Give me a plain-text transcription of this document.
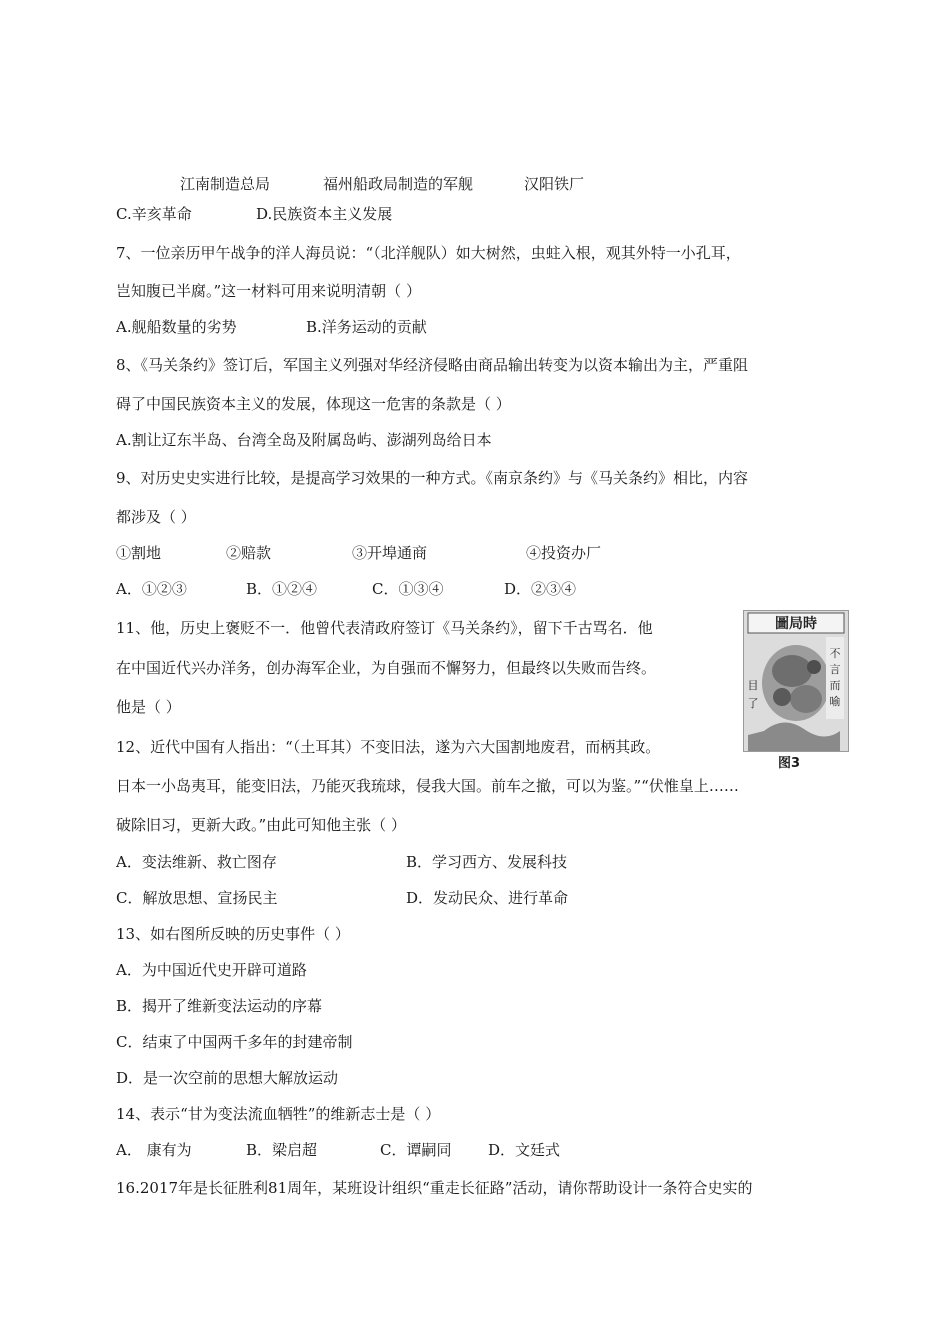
江南制造总局	福州船政局制造的军舰	汉阳铁厂
C.辛亥革命	D.民族资本主义发展
7、一位亲历甲午战争的洋人海员说：“（北洋舰队）如大树然，虫蛀入根，观其外特一小孔耳，
岂知腹已半腐。”这一材料可用来说明清朝（ ）
A.舰船数量的劣势	B.洋务运动的贡献
8、《马关条约》签订后，军国主义列强对华经济侵略由商品输出转变为以资本输出为主，严重阻
碍了中国民族资本主义的发展，体现这一危害的条款是（ ）
A.割让辽东半岛、台湾全岛及附属岛屿、澎湖列岛给日本
9、对历史史实进行比较，是提高学习效果的一种方式。《南京条约》与《马关条约》相比，内容
都涉及（ ）
①割地	②赔款	③开埠通商	④投资办厂
A．①②③	B．①②④	C．①③④	D．②③④
11、他，历史上褒贬不一．他曾代表清政府签订《马关条约》，留下千古骂名．他
在中国近代兴办洋务，创办海军企业，为自强而不懈努力，但最终以失败而告终。
他是（ ）
圖局時
不
言
而
喻
目
了
图3
12、近代中国有人指出：“（土耳其）不变旧法，遂为六大国割地废君，而柄其政。
日本一小岛夷耳，能变旧法，乃能灭我琉球，侵我大国。前车之撤，可以为鉴。”“伏惟皇上……
破除旧习，更新大政。”由此可知他主张（ ）
A．变法维新、救亡图存	B．学习西方、发展科技
C．解放思想、宣扬民主	D．发动民众、进行革命
13、如右图所反映的历史事件（ ）
A．为中国近代史开辟可道路
B．揭开了维新变法运动的序幕
C．结束了中国两千多年的封建帝制
D．是一次空前的思想大解放运动
14、表示“甘为变法流血牺牲”的维新志士是（ ）
A． 康有为	B．梁启超	C．谭嗣同 D．文廷式
16.2017年是长征胜利81周年，某班设计组织“重走长征路”活动，请你帮助设计一条符合史实的
